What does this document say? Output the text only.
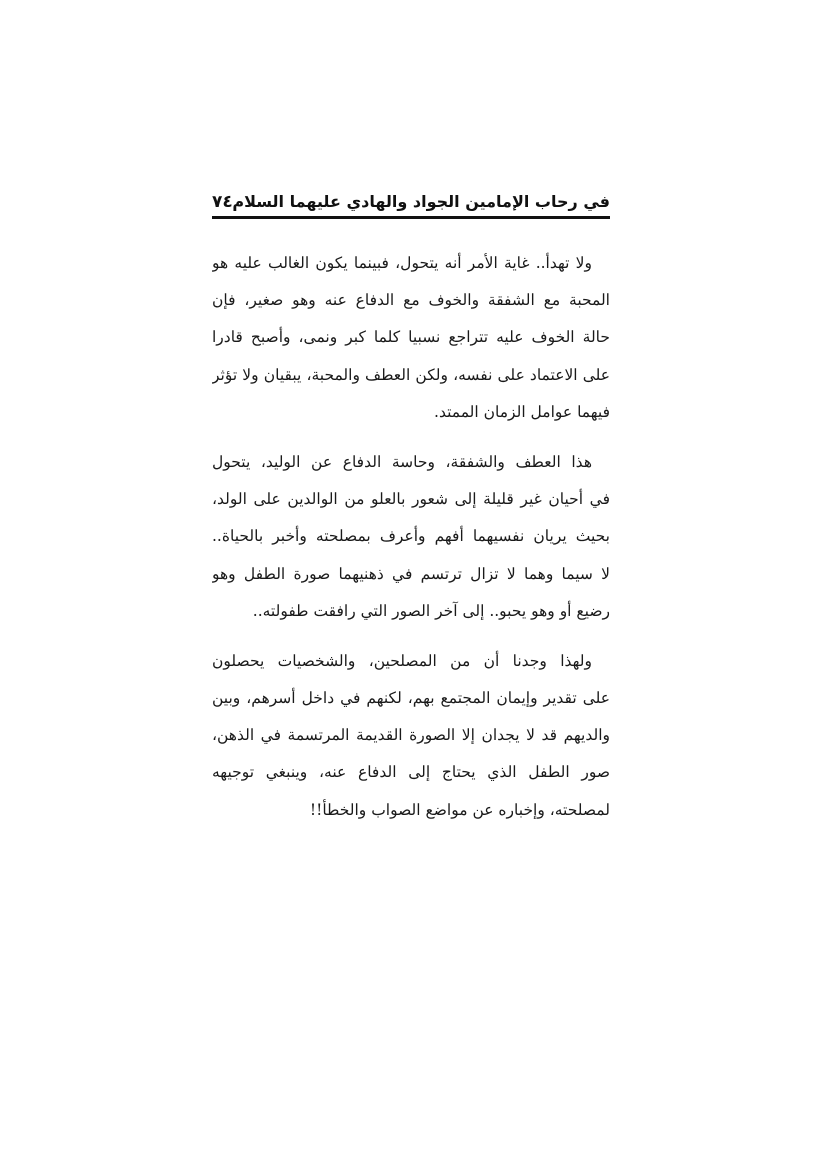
في رحاب الإمامين الجواد والهادي عليهما السلام
٧٤
ولا تهدأ.. غاية الأمر أنه يتحول، فبينما يكون الغالب عليه هو
المحبة مع الشفقة والخوف مع الدفاع عنه وهو صغير، فإن
حالة الخوف عليه تتراجع نسبيا كلما كبر ونمى، وأصبح قادرا
على الاعتماد على نفسه، ولكن العطف والمحبة، يبقيان ولا تؤثر
فيهما عوامل الزمان الممتد.
هذا العطف والشفقة، وحاسة الدفاع عن الوليد، يتحول
في أحيان غير قليلة إلى شعور بالعلو من الوالدين على الولد،
بحيث يريان نفسيهما أفهم وأعرف بمصلحته وأخبر بالحياة..
لا سيما وهما لا تزال ترتسم في ذهنيهما صورة الطفل وهو
رضيع أو وهو يحبو.. إلى آخر الصور التي رافقت طفولته..
ولهذا وجدنا أن من المصلحين، والشخصيات يحصلون
على تقدير وإيمان المجتمع بهم، لكنهم في داخل أسرهم، وبين
والديهم قد لا يجدان إلا الصورة القديمة المرتسمة في الذهن،
صور الطفل الذي يحتاج إلى الدفاع عنه، وينبغي توجيهه
لمصلحته، وإخباره عن مواضع الصواب والخطأ!!
